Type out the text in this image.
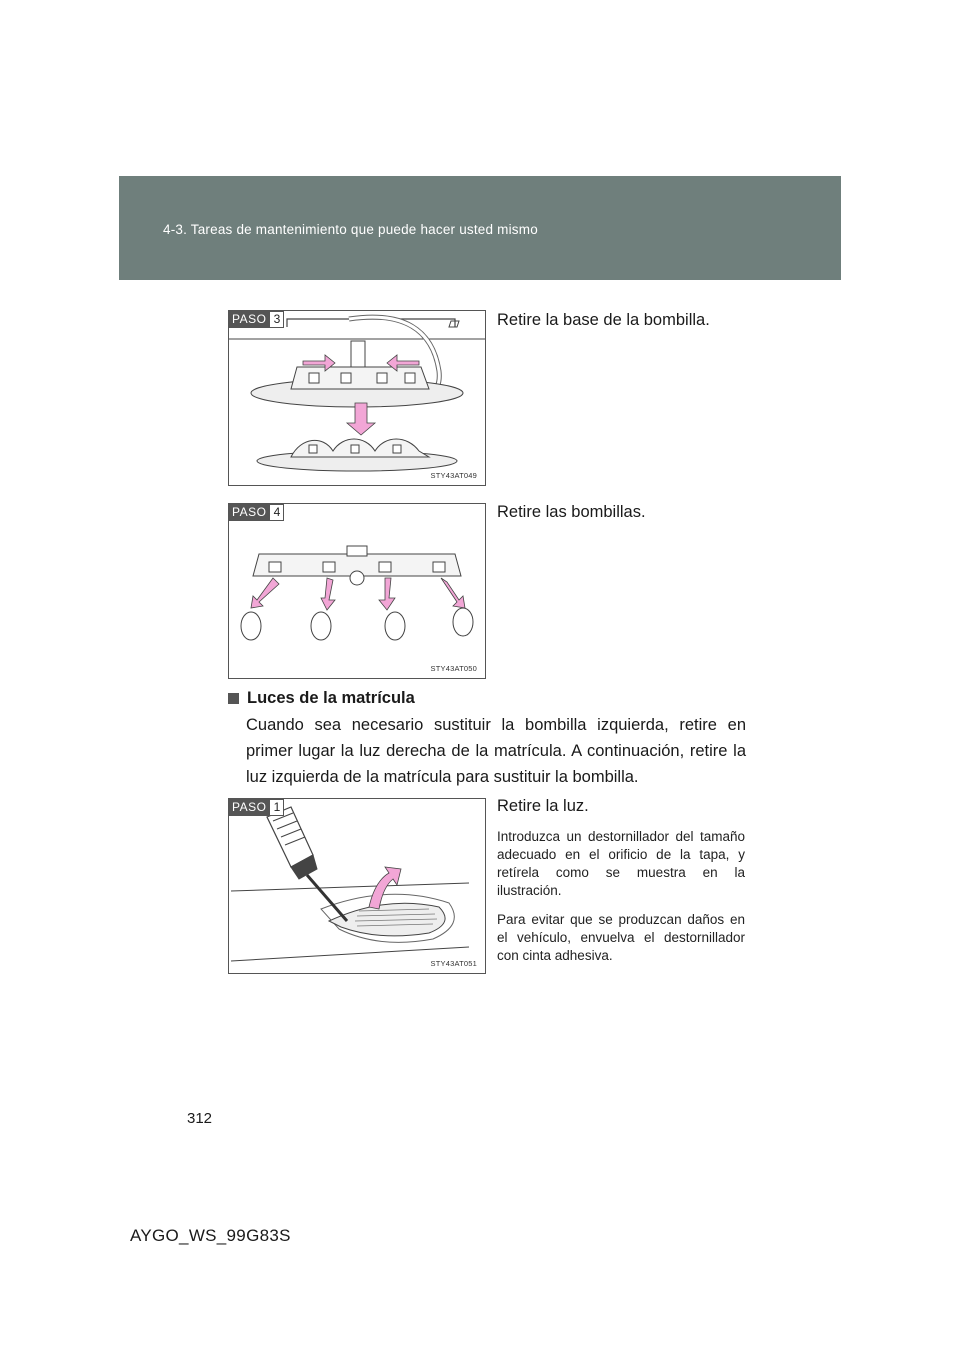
4-3. Tareas de mantenimiento que puede hacer usted mismo
PASO 3
STY43AT049
Retire la base de la bombilla.
PASO 4
STY43AT050
Retire las bombillas.
Luces de la matrícula
Cuando sea necesario sustituir la bombilla izquierda, retire en primer lugar la luz derecha de la matrícula. A continuación, retire la luz izquierda de la matrícula para sustituir la bombilla.
PASO 1
STY43AT051
Retire la luz.
Introduzca un destornillador del tamaño adecuado en el orificio de la tapa, y retírela como se muestra en la ilustración.
Para evitar que se produzcan daños en el vehículo, envuelva el destornillador con cinta adhesiva.
312
AYGO_WS_99G83S
